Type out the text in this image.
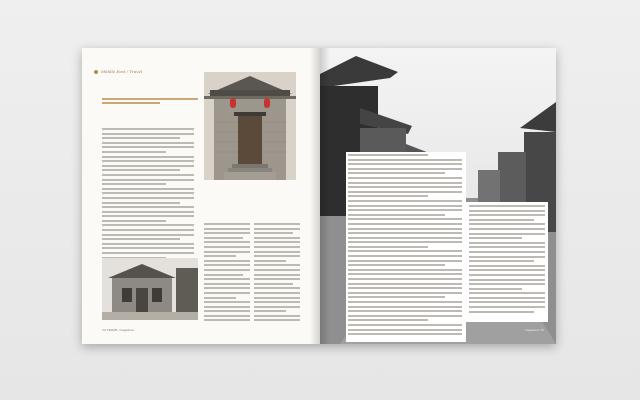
Middle East / Travel
14 TRAVEL magazine	magazine 15
